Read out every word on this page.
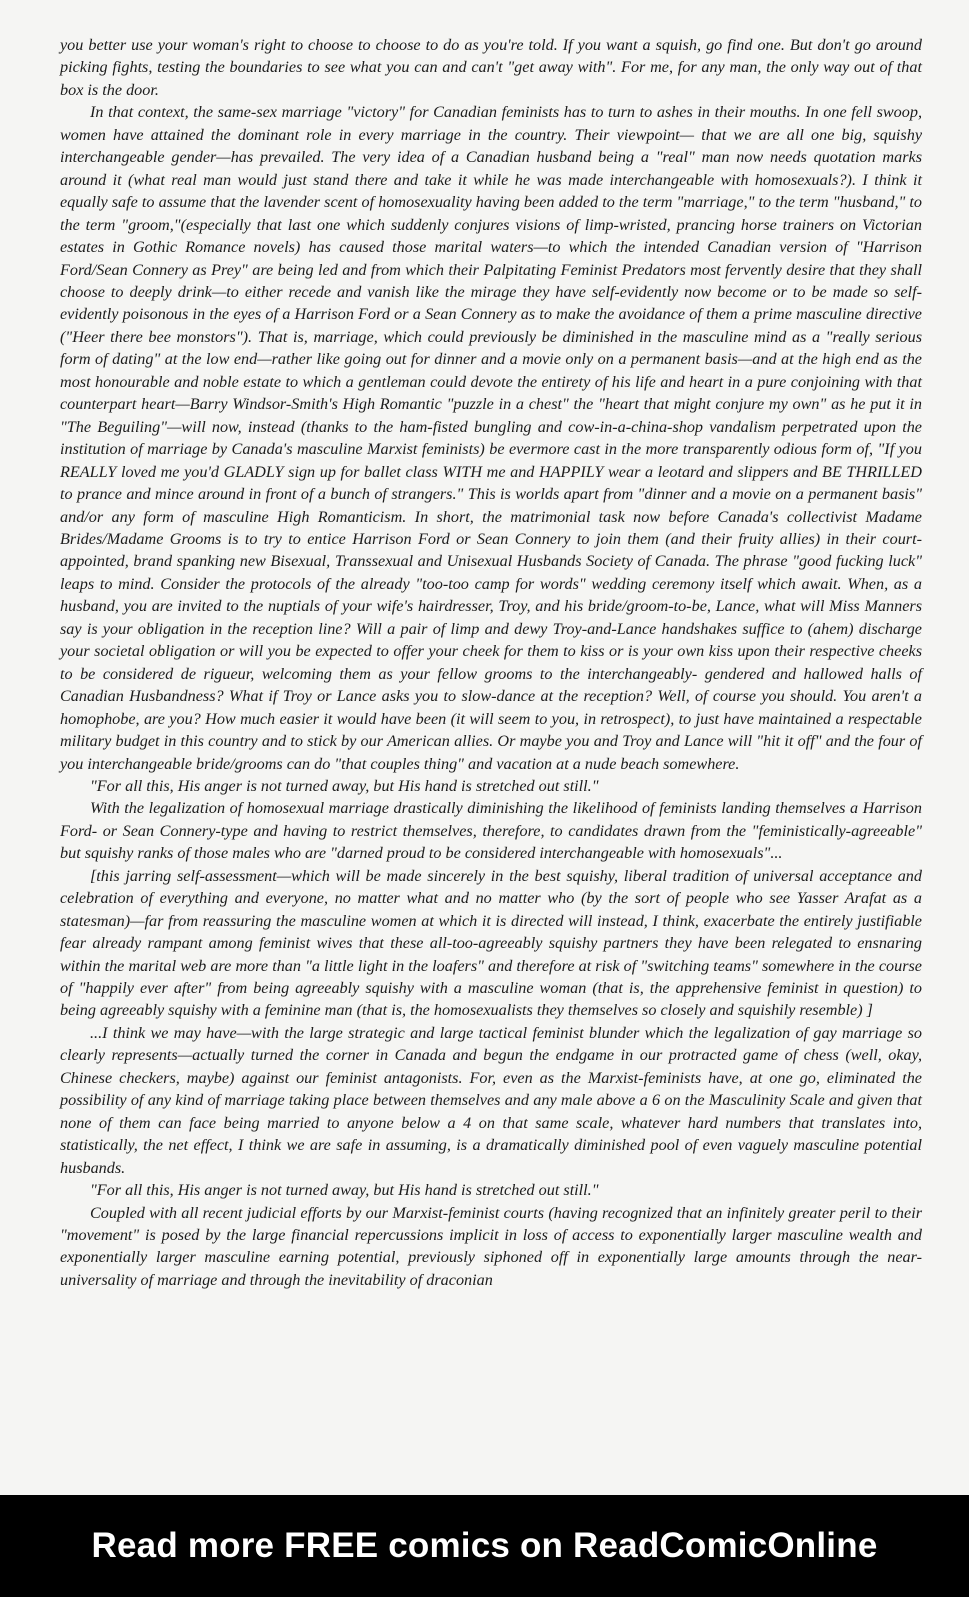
you better use your woman's right to choose to choose to do as you're told. If you want a squish, go find one. But don't go around picking fights, testing the boundaries to see what you can and can't "get away with". For me, for any man, the only way out of that box is the door.

In that context, the same-sex marriage "victory" for Canadian feminists has to turn to ashes in their mouths. In one fell swoop, women have attained the dominant role in every marriage in the country. Their viewpoint— that we are all one big, squishy interchangeable gender—has prevailed. The very idea of a Canadian husband being a "real" man now needs quotation marks around it (what real man would just stand there and take it while he was made interchangeable with homosexuals?). I think it equally safe to assume that the lavender scent of homosexuality having been added to the term "marriage," to the term "husband," to the term "groom,"(especially that last one which suddenly conjures visions of limp-wristed, prancing horse trainers on Victorian estates in Gothic Romance novels) has caused those marital waters—to which the intended Canadian version of "Harrison Ford/Sean Connery as Prey" are being led and from which their Palpitating Feminist Predators most fervently desire that they shall choose to deeply drink—to either recede and vanish like the mirage they have self-evidently now become or to be made so self-evidently poisonous in the eyes of a Harrison Ford or a Sean Connery as to make the avoidance of them a prime masculine directive ("Heer there bee monstors"). That is, marriage, which could previously be diminished in the masculine mind as a "really serious form of dating" at the low end—rather like going out for dinner and a movie only on a permanent basis—and at the high end as the most honourable and noble estate to which a gentleman could devote the entirety of his life and heart in a pure conjoining with that counterpart heart—Barry Windsor-Smith's High Romantic "puzzle in a chest" the "heart that might conjure my own" as he put it in "The Beguiling"—will now, instead (thanks to the ham-fisted bungling and cow-in-a-china-shop vandalism perpetrated upon the institution of marriage by Canada's masculine Marxist feminists) be evermore cast in the more transparently odious form of, "If you REALLY loved me you'd GLADLY sign up for ballet class WITH me and HAPPILY wear a leotard and slippers and BE THRILLED to prance and mince around in front of a bunch of strangers." This is worlds apart from "dinner and a movie on a permanent basis" and/or any form of masculine High Romanticism. In short, the matrimonial task now before Canada's collectivist Madame Brides/Madame Grooms is to try to entice Harrison Ford or Sean Connery to join them (and their fruity allies) in their court-appointed, brand spanking new Bisexual, Transsexual and Unisexual Husbands Society of Canada. The phrase "good fucking luck" leaps to mind. Consider the protocols of the already "too-too camp for words" wedding ceremony itself which await. When, as a husband, you are invited to the nuptials of your wife's hairdresser, Troy, and his bride/groom-to-be, Lance, what will Miss Manners say is your obligation in the reception line? Will a pair of limp and dewy Troy-and-Lance handshakes suffice to (ahem) discharge your societal obligation or will you be expected to offer your cheek for them to kiss or is your own kiss upon their respective cheeks to be considered de rigueur, welcoming them as your fellow grooms to the interchangeably- gendered and hallowed halls of Canadian Husbandness? What if Troy or Lance asks you to slow-dance at the reception? Well, of course you should. You aren't a homophobe, are you? How much easier it would have been (it will seem to you, in retrospect), to just have maintained a respectable military budget in this country and to stick by our American allies. Or maybe you and Troy and Lance will "hit it off" and the four of you interchangeable bride/grooms can do "that couples thing" and vacation at a nude beach somewhere.

"For all this, His anger is not turned away, but His hand is stretched out still."

With the legalization of homosexual marriage drastically diminishing the likelihood of feminists landing themselves a Harrison Ford- or Sean Connery-type and having to restrict themselves, therefore, to candidates drawn from the "feministically-agreeable" but squishy ranks of those males who are "darned proud to be considered interchangeable with homosexuals"...

[this jarring self-assessment—which will be made sincerely in the best squishy, liberal tradition of universal acceptance and celebration of everything and everyone, no matter what and no matter who (by the sort of people who see Yasser Arafat as a statesman)—far from reassuring the masculine women at which it is directed will instead, I think, exacerbate the entirely justifiable fear already rampant among feminist wives that these all-too-agreeably squishy partners they have been relegated to ensnaring within the marital web are more than "a little light in the loafers" and therefore at risk of "switching teams" somewhere in the course of "happily ever after" from being agreeably squishy with a masculine woman (that is, the apprehensive feminist in question) to being agreeably squishy with a feminine man (that is, the homosexualists they themselves so closely and squishily resemble) ]

...I think we may have—with the large strategic and large tactical feminist blunder which the legalization of gay marriage so clearly represents—actually turned the corner in Canada and begun the endgame in our protracted game of chess (well, okay, Chinese checkers, maybe) against our feminist antagonists. For, even as the Marxist-feminists have, at one go, eliminated the possibility of any kind of marriage taking place between themselves and any male above a 6 on the Masculinity Scale and given that none of them can face being married to anyone below a 4 on that same scale, whatever hard numbers that translates into, statistically, the net effect, I think we are safe in assuming, is a dramatically diminished pool of even vaguely masculine potential husbands.

"For all this, His anger is not turned away, but His hand is stretched out still."

Coupled with all recent judicial efforts by our Marxist-feminist courts (having recognized that an infinitely greater peril to their "movement" is posed by the large financial repercussions implicit in loss of access to exponentially larger masculine wealth and exponentially larger masculine earning potential, previously siphoned off in exponentially large amounts through the near-universality of marriage and through the inevitability of draconian

Read more FREE comics on ReadComicOnline
